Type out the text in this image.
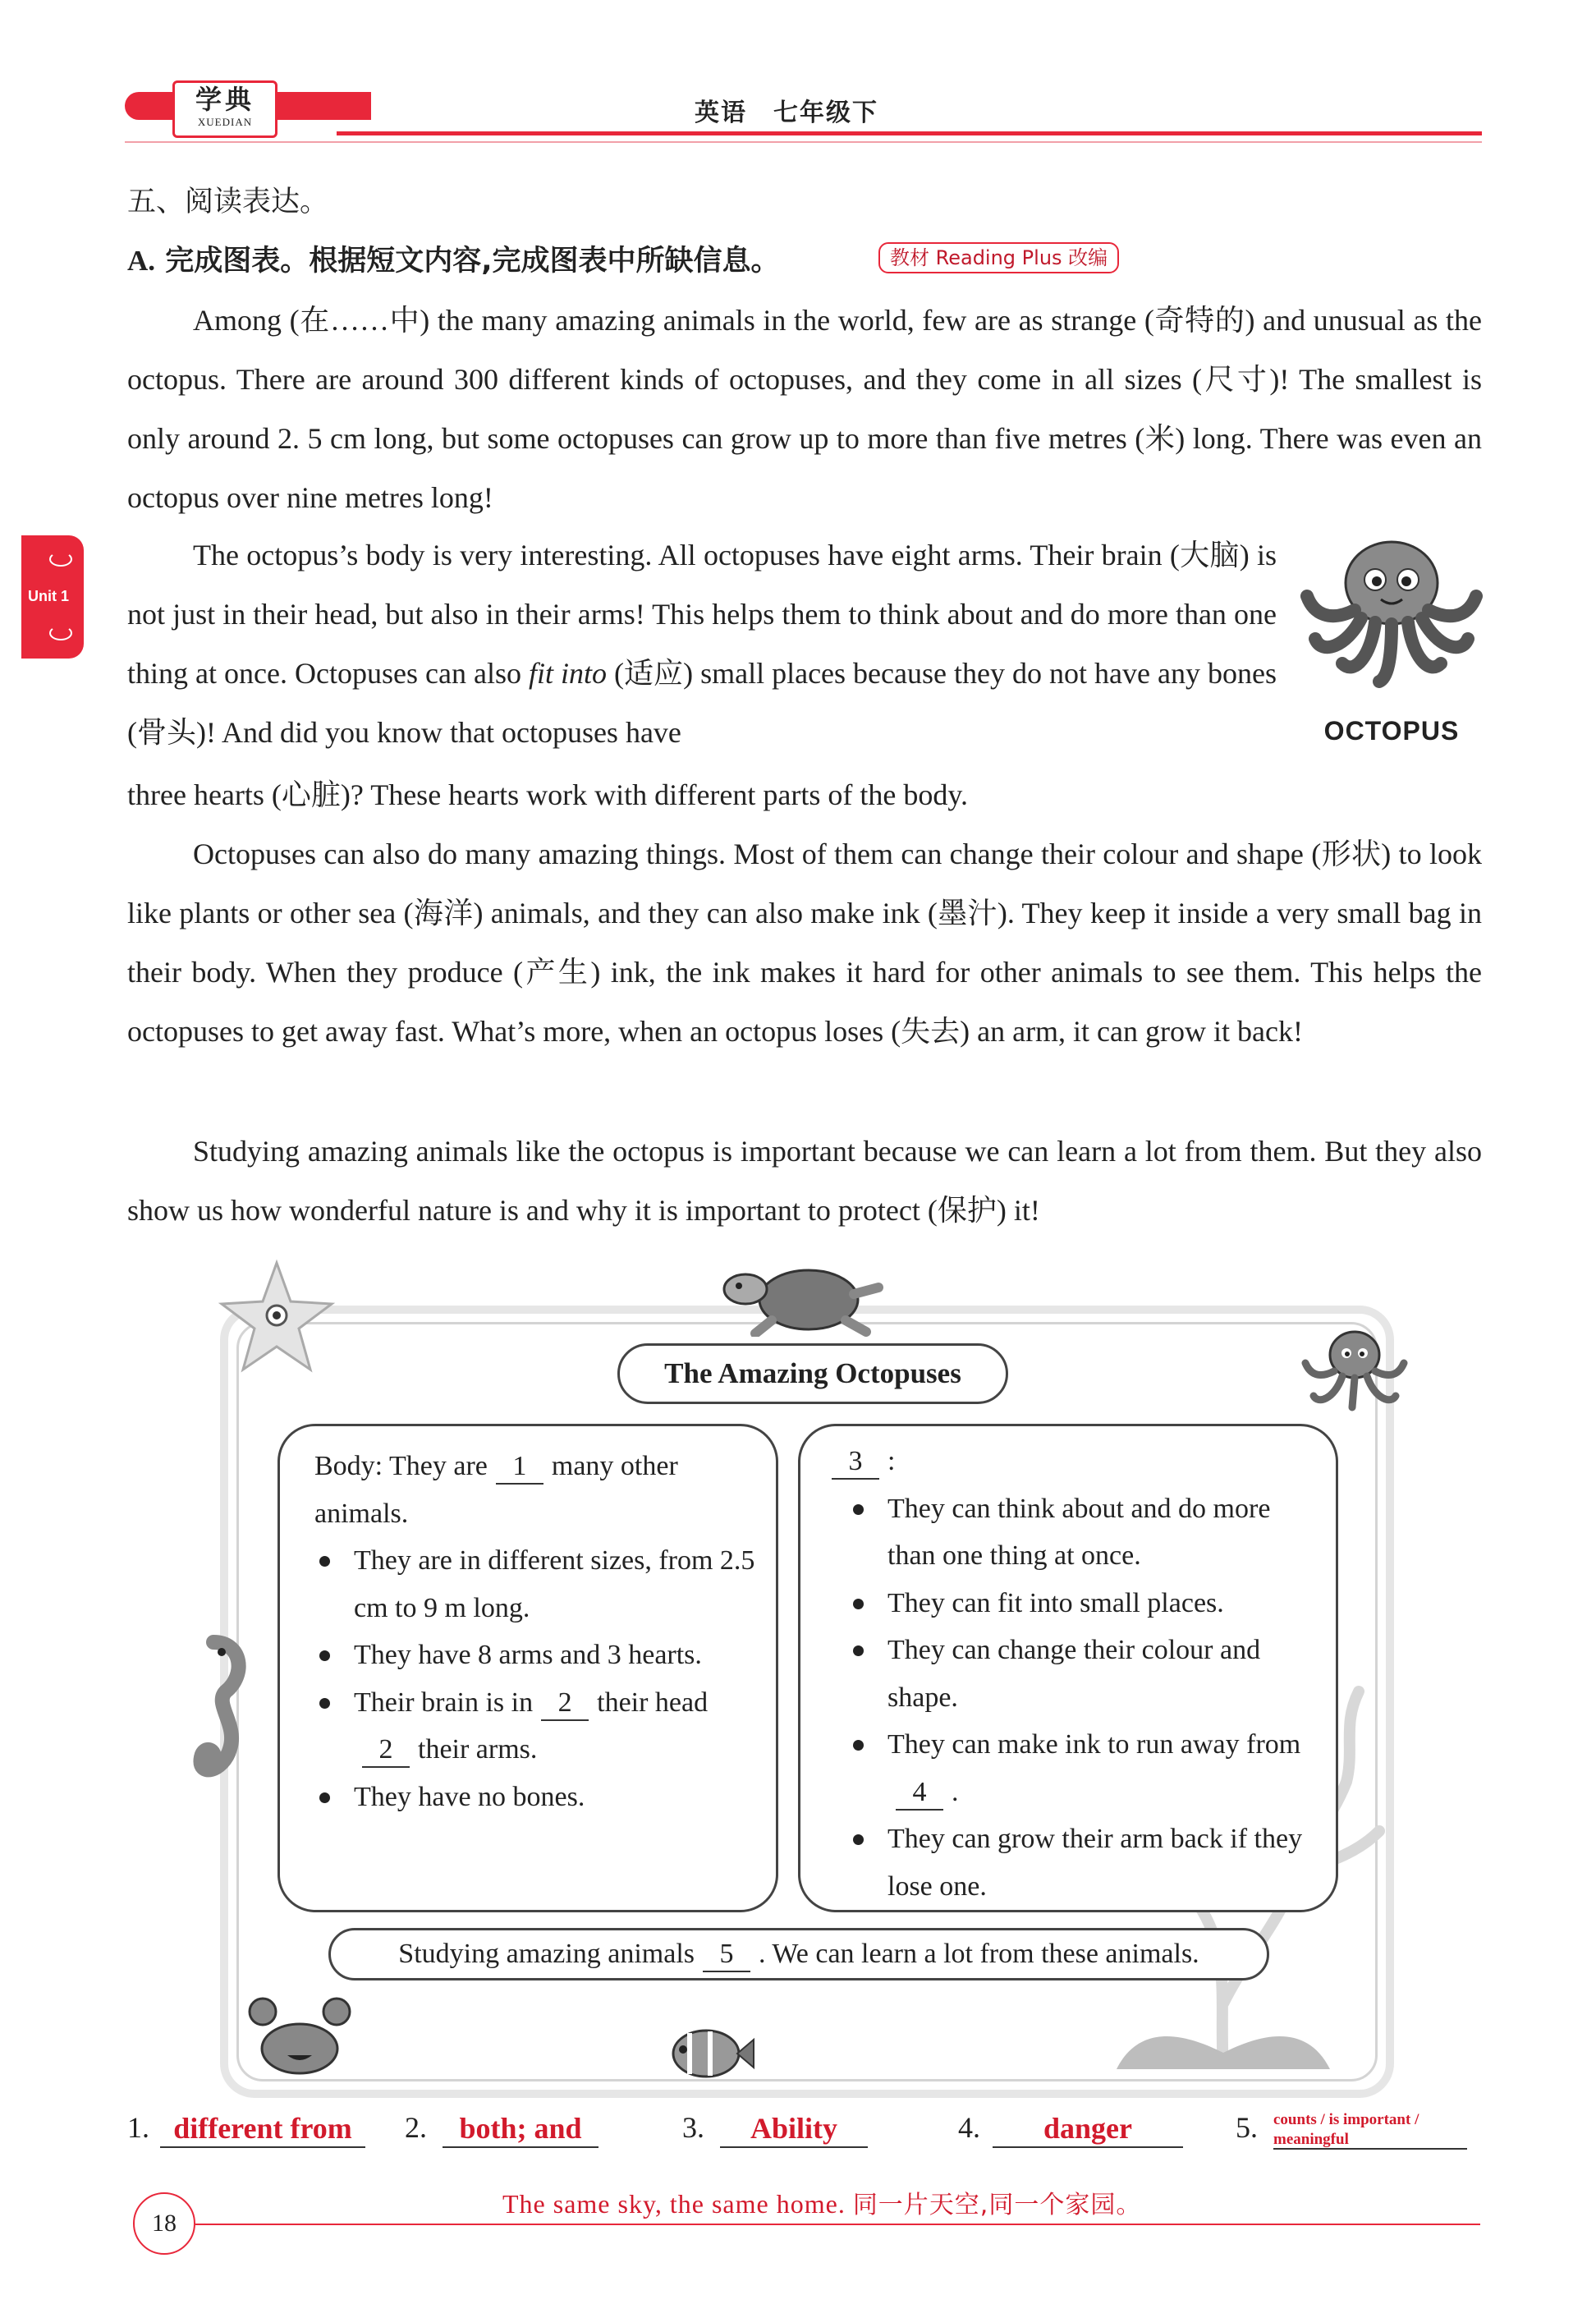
学典
XUEDIAN	英语　七年级下
Unit 1
五、阅读表达。
A. 完成图表。根据短文内容,完成图表中所缺信息。	教材 Reading Plus 改编
Among (在……中) the many amazing animals in the world, few are as strange (奇特的) and unusual as the octopus. There are around 300 different kinds of octopuses, and they come in all sizes (尺寸)! The smallest is only around 2. 5 cm long, but some octopuses can grow up to more than five metres (米) long. There was even an octopus over nine metres long!
The octopus’s body is very interesting. All octopuses have eight arms. Their brain (大脑) is not just in their head, but also in their arms! This helps them to think about and do more than one thing at once. Octopuses can also fit into (适应) small places because they do not have any bones (骨头)! And did you know that octopuses have
three hearts (心脏)? These hearts work with different parts of the body.
OCTOPUS
Octopuses can also do many amazing things. Most of them can change their colour and shape (形状) to look like plants or other sea (海洋) animals, and they can also make ink (墨汁). They keep it inside a very small bag in their body. When they produce (产生) ink, the ink makes it hard for other animals to see them. This helps the octopuses to get away fast. What’s more, when an octopus loses (失去) an arm, it can grow it back!
Studying amazing animals like the octopus is important because we can learn a lot from them. But they also show us how wonderful nature is and why it is important to protect (保护) it!
The Amazing Octopuses
Body: They are 1 many other animals.
They are in different sizes, from 2.5 cm to 9 m long.
They have 8 arms and 3 hearts.
Their brain is in 2 their head2 their arms.
They have no bones.
3 :
They can think about and do more than one thing at once.
They can fit into small places.
They can change their colour and shape.
They can make ink to run away from4 .
They can grow their arm back if they lose one.
Studying amazing animals 5 . We can learn a lot from these animals.
1. different from	2.	both; and	3.	Ability	4.	danger	5. counts / is important /
meaningful
18
The same sky, the same home. 同一片天空,同一个家园。
